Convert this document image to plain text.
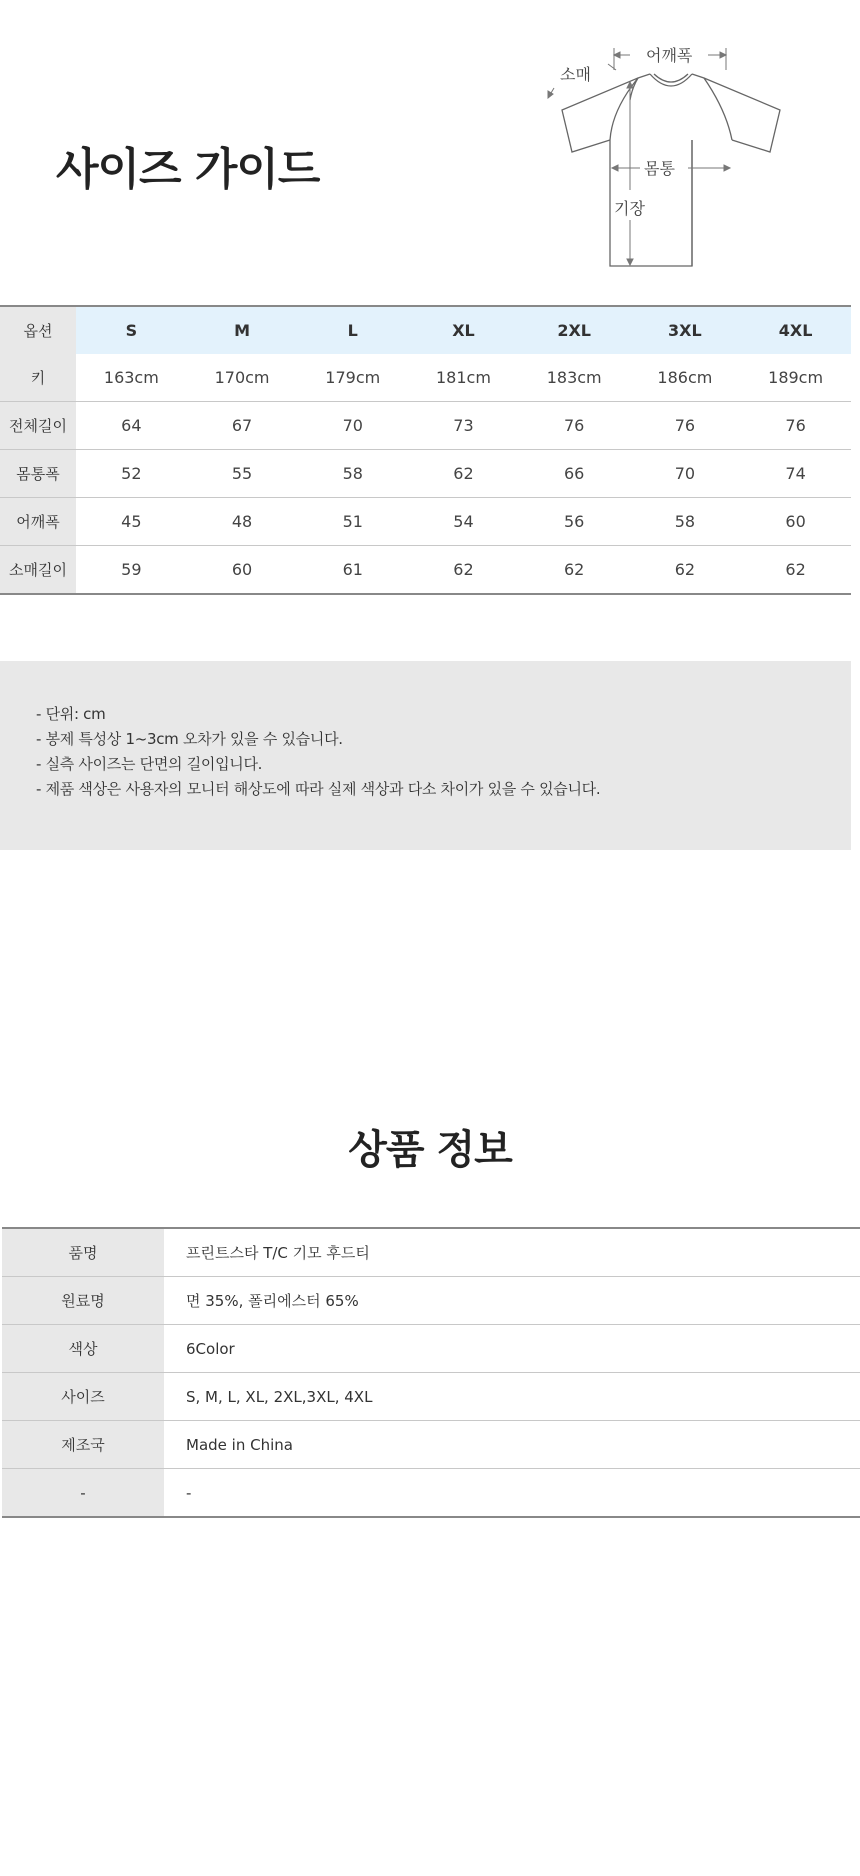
사이즈 가이드
어깨폭
소매
몸통
기장
옵션	S	M	L	XL	2XL	3XL	4XL
키	163cm	170cm	179cm	181cm	183cm	186cm	189cm
전체길이	64	67	70	73	76	76	76
몸통폭	52	55	58	62	66	70	74
어깨폭	45	48	51	54	56	58	60
소매길이	59	60	61	62	62	62	62
- 단위: cm
- 봉제 특성상 1~3cm 오차가 있을 수 있습니다.
- 실측 사이즈는 단면의 길이입니다.
- 제품 색상은 사용자의 모니터 해상도에 따라 실제 색상과 다소 차이가 있을 수 있습니다.
상품 정보
품명	프린트스타 T/C 기모 후드티
원료명	면 35%, 폴리에스터 65%
색상	6Color
사이즈	S, M, L, XL, 2XL,3XL, 4XL
제조국	Made in China
-	-
